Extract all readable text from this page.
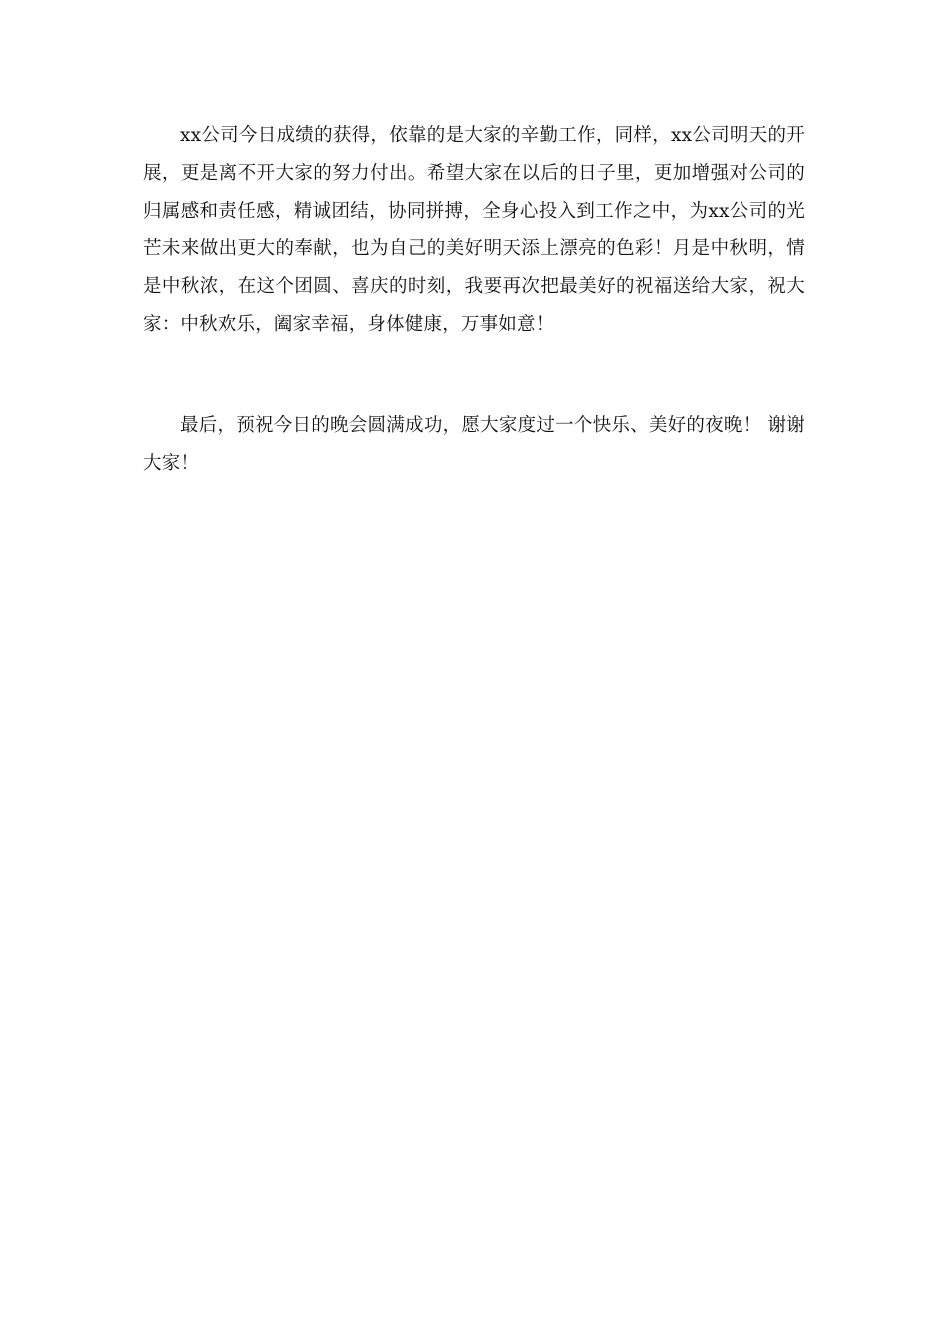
xx公司今日成绩的获得，依靠的是大家的辛勤工作，同样，xx公司明天的开展，更是离不开大家的努力付出。希望大家在以后的日子里，更加增强对公司的归属感和责任感，精诚团结，协同拼搏，全身心投入到工作之中，为xx公司的光芒未来做出更大的奉献，也为自己的美好明天添上漂亮的色彩！月是中秋明，情是中秋浓，在这个团圆、喜庆的时刻，我要再次把最美好的祝福送给大家，祝大家：中秋欢乐，阖家幸福，身体健康，万事如意！

最后，预祝今日的晚会圆满成功，愿大家度过一个快乐、美好的夜晚！ 谢谢大家！
